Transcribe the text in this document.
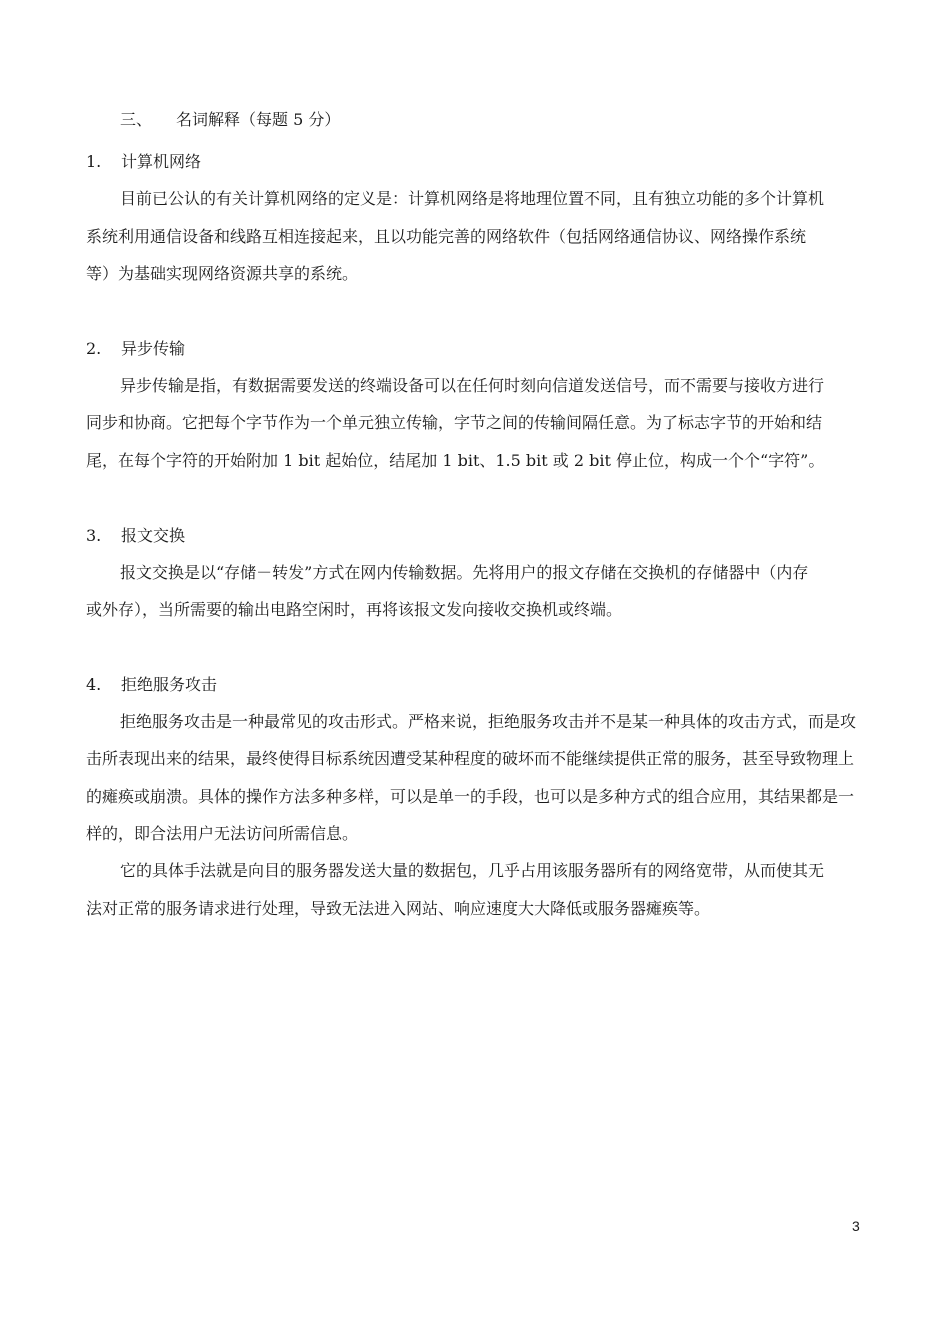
三、 名词解释（每题 5 分）
1. 计算机网络
目前已公认的有关计算机网络的定义是：计算机网络是将地理位置不同，且有独立功能的多个计算机
系统利用通信设备和线路互相连接起来，且以功能完善的网络软件（包括网络通信协议、网络操作系统
等）为基础实现网络资源共享的系统。
2. 异步传输
异步传输是指，有数据需要发送的终端设备可以在任何时刻向信道发送信号，而不需要与接收方进行
同步和协商。它把每个字节作为一个单元独立传输，字节之间的传输间隔任意。为了标志字节的开始和结
尾，在每个字符的开始附加 1 bit 起始位，结尾加 1 bit、1.5 bit 或 2 bit 停止位，构成一个个“字符”。
3. 报文交换
报文交换是以“存储－转发”方式在网内传输数据。先将用户的报文存储在交换机的存储器中（内存
或外存），当所需要的输出电路空闲时，再将该报文发向接收交换机或终端。
4. 拒绝服务攻击
拒绝服务攻击是一种最常见的攻击形式。严格来说，拒绝服务攻击并不是某一种具体的攻击方式，而是攻
击所表现出来的结果，最终使得目标系统因遭受某种程度的破坏而不能继续提供正常的服务，甚至导致物理上
的瘫痪或崩溃。具体的操作方法多种多样，可以是单一的手段，也可以是多种方式的组合应用，其结果都是一
样的，即合法用户无法访问所需信息。
它的具体手法就是向目的服务器发送大量的数据包，几乎占用该服务器所有的网络宽带，从而使其无
法对正常的服务请求进行处理，导致无法进入网站、响应速度大大降低或服务器瘫痪等。
3
